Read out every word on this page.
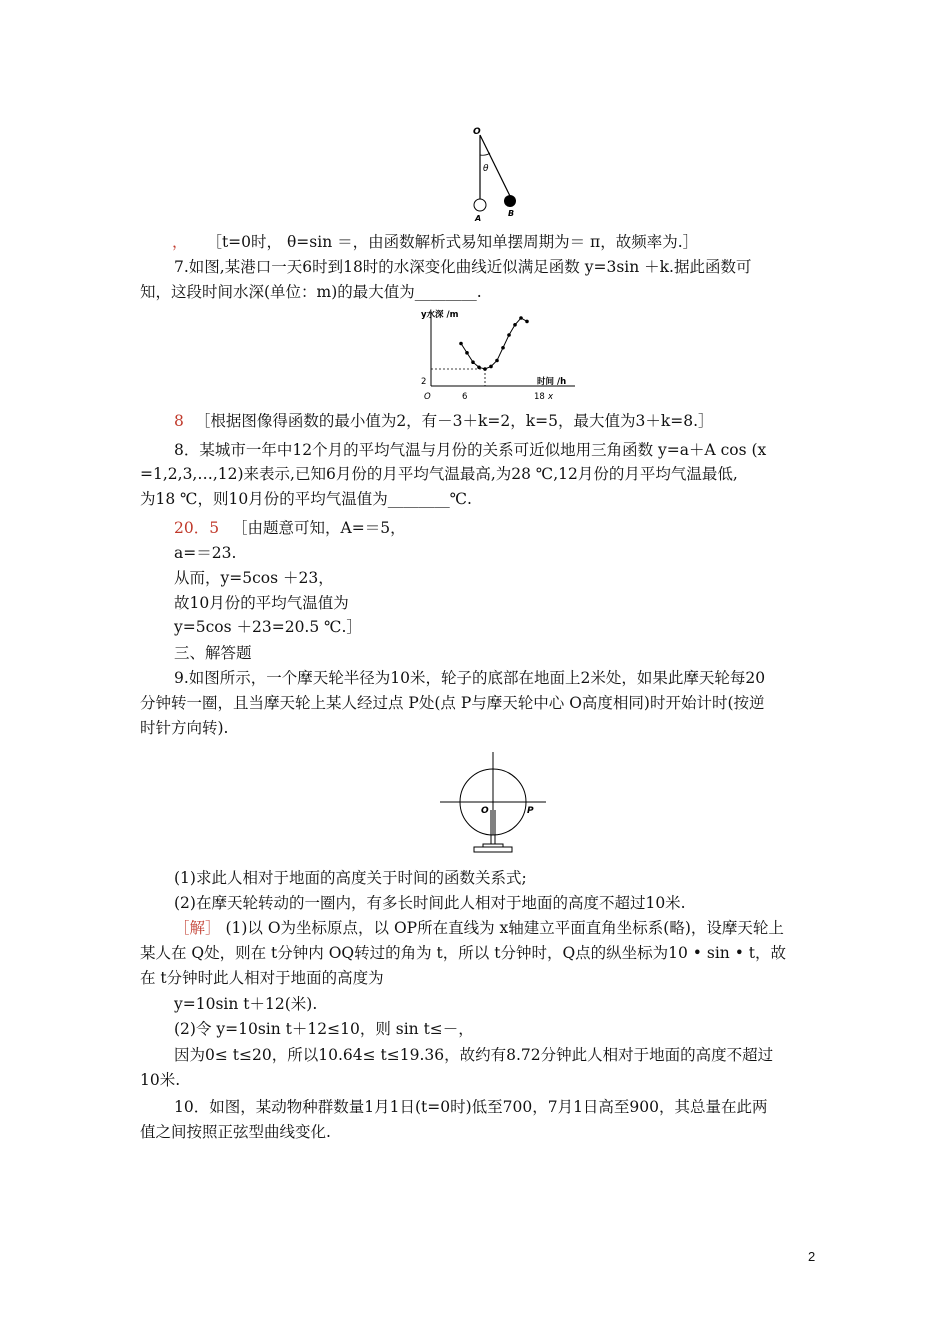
O
θ
A
B
， ［t=0时， θ=sin ＝，由函数解析式易知单摆周期为＝ π，故频率为.］
7.如图,某港口一天6时到18时的水深变化曲线近似满足函数 y=3sin ＋k.据此函数可
知，这段时间水深(单位：m)的最大值为________.
y水深 /m
时间 /h
2
O	6	18 x
8 ［根据图像得函数的最小值为2，有－3＋k=2，k=5，最大值为3＋k=8.］
8．某城市一年中12个月的平均气温与月份的关系可近似地用三角函数 y=a＋A cos (x
=1,2,3,…,12)来表示,已知6月份的月平均气温最高,为28 ℃,12月份的月平均气温最低,
为18 ℃，则10月份的平均气温值为________℃.
20．5 ［由题意可知，A=＝5，
a=＝23.
从而，y=5cos ＋23，
故10月份的平均气温值为
y=5cos ＋23=20.5 ℃.］
三、解答题
9.如图所示，一个摩天轮半径为10米，轮子的底部在地面上2米处，如果此摩天轮每20
分钟转一圈，且当摩天轮上某人经过点 P处(点 P与摩天轮中心 O高度相同)时开始计时(按逆
时针方向转).
O	P
(1)求此人相对于地面的高度关于时间的函数关系式;
(2)在摩天轮转动的一圈内，有多长时间此人相对于地面的高度不超过10米.
［解］ (1)以 O为坐标原点，以 OP所在直线为 x轴建立平面直角坐标系(略)，设摩天轮上
某人在 Q处，则在 t分钟内 OQ转过的角为 t，所以 t分钟时，Q点的纵坐标为10 • sin • t，故
在 t分钟时此人相对于地面的高度为
y=10sin t＋12(米).
(2)令 y=10sin t＋12≤10，则 sin t≤－，
因为0≤ t≤20，所以10.64≤ t≤19.36，故约有8.72分钟此人相对于地面的高度不超过
10米.
10．如图，某动物种群数量1月1日(t=0时)低至700，7月1日高至900，其总量在此两
值之间按照正弦型曲线变化.
2
